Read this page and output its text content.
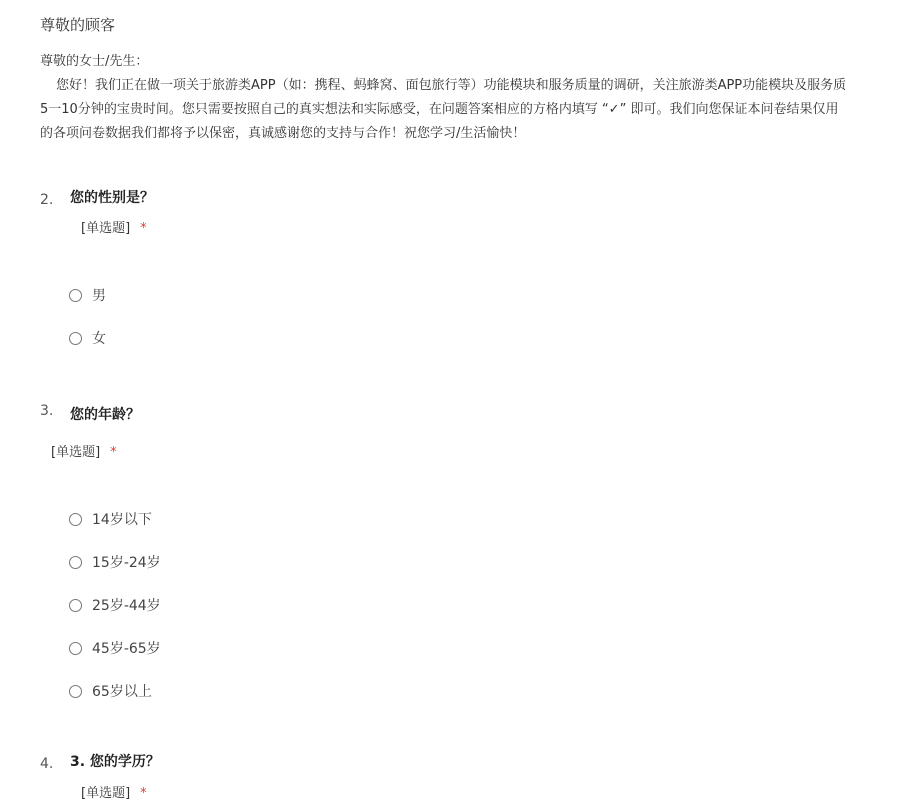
尊敬的顾客
尊敬的女士/先生：
您好！我们正在做一项关于旅游类APP（如：携程、蚂蜂窝、面包旅行等）功能模块和服务质量的调研，关注旅游类APP功能模块及服务质
5一10分钟的宝贵时间。您只需要按照自己的真实想法和实际感受，在问题答案相应的方格内填写 “✓” 即可。我们向您保证本问卷结果仅用
的各项问卷数据我们都将予以保密，真诚感谢您的支持与合作！祝您学习/生活愉快！
2. 您的性别是？
[单选题] *
男
女
3. 您的年龄？
[单选题] *
14岁以下
15岁-24岁
25岁-44岁
45岁-65岁
65岁以上
4. 3. 您的学历？
[单选题] *
